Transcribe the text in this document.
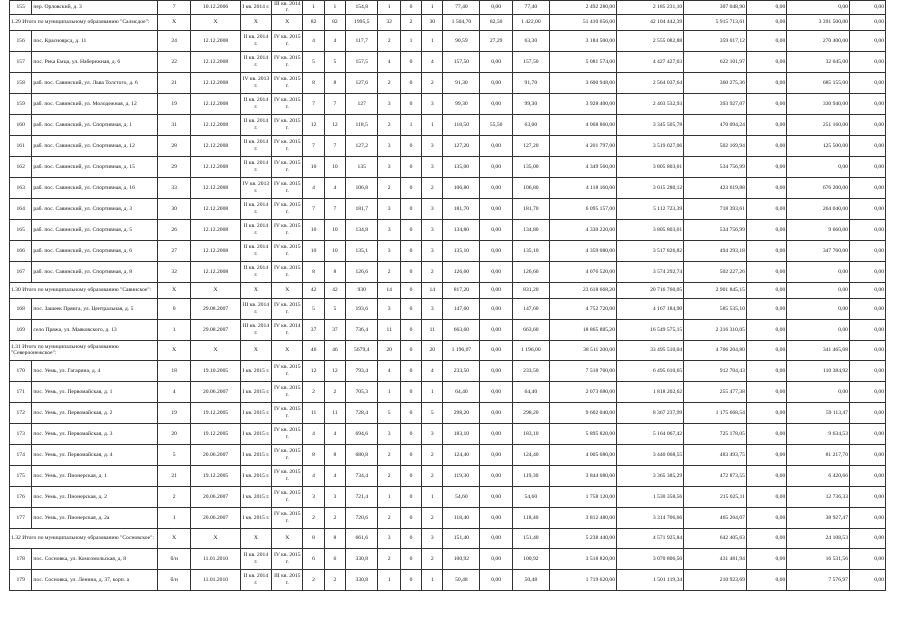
155	пер. Орловский, д. 3	7	10.12.2006	I кв. 2014 г.	III кв. 2014 г.	1	1	154,8	1	0	1	77,40	0,00	77,40	2 492 280,00	2 185 231,10	307 048,90	0,00	0,00	0,00
1.29 Итого по муниципальному образованию "Салмсдое":		X	X	X	X	82	82	1995,5	32	2	30	1 504,70	82,50	1 422,00	51 410 656,00	42 104 442,39	5 915 713,61	0,00	3 391 500,00	0,00
156	пос. Красноярсд, д. 11	24	12.12.2008	II кв. 2014 г.	IV кв. 2015 г.	4	4	117,7	2	1	1	90,59	27,29	63,30	3 184 500,00	2 555 082,88	359 017,12	0,00	270 400,00	0,00
157	пос. Река Емца, ул. Набережная, д. 6	22	12.12.2008	II кв. 2014 г.	IV кв. 2015 г.	5	5	157,5	4	0	4	157,50	0,00	157,50	5 081 574,00	4 427 427,03	622 101,97	0,00	32 045,00	0,00
158	раб. пос. Савинский, ул. Льва Толстого, д. 6	21	12.12.2008	IV кв. 2013 г.	IV кв. 2015 г.	8	8	127,6	2	0	2	91,30	0,00	91,70	3 600 948,00	2 564 037,64	360 275,36	0,00	685 155,00	0,00
159	раб. пос. Савинский, ул. Молодежная, д. 12	19	12.12.2008	II кв. 2014 г.	IV кв. 2015 г.	7	7	127	3	0	3	99,30	0,00	99,30	3 928 400,00	2 403 532,93	393 927,07	0,00	330 940,00	0,00
160	раб. пос. Савинский, ул. Спортивная, д. 1	31	12.12.2008	II кв. 2014 г.	IV кв. 2015 г.	12	12	118,5	2	1	1	118,50	55,50	63,00	4 068 860,00	3 345 505,78	470 094,24	0,00	251 160,00	0,00
161	раб. пос. Савинский, ул. Спортивная, д. 12	28	12.12.2008	II кв. 2014 г.	IV кв. 2015 г.	7	7	127,2	3	0	3	127,20	0,00	127,20	4 201 797,00	3 519 027,06	502 169,94	0,00	125 500,00	0,00
162	раб. пос. Савинский, ул. Спортивная, д. 15	29	12.12.2008	II кв. 2014 г.	IV кв. 2015 г.	10	10	135	3	0	3	135,00	0,00	135,00	4 349 560,00	3 805 803,01	534 756,99	0,00	0,00	0,00
163	раб. пос. Савинский, ул. Спортивная, д. 16	33	12.12.2008	IV кв. 2013 г.	IV кв. 2015 г.	4	4	106,8	2	0	2	106,80	0,00	106,80	4 118 160,00	3 015 280,12	423 619,88	0,00	676 200,00	0,00
164	раб. пос. Савинский, ул. Спортивная, д. 3	30	12.12.2008	II кв. 2014 г.	IV кв. 2015 г.	7	7	181,7	3	0	3	181,70	0,00	181,70	6 095 157,00	5 112 723,39	718 393,61	0,00	264 040,00	0,00
165	раб. пос. Савинский, ул. Спортивная, д. 5	26	12.12.2008	II кв. 2014 г.	IV кв. 2015 г.	10	10	134,8	3	0	3	134,80	0,00	134,80	4 330 220,00	3 805 803,01	534 756,99	0,00	9 660,00	0,00
166	раб. пос. Савинский, ул. Спортивная, д. 6	27	12.12.2008	II кв. 2014 г.	IV кв. 2015 г.	10	10	135,1	3	0	3	135,10	0,00	135,10	4 359 080,00	3 517 826,82	494 293,18	0,00	347 760,00	0,00
167	раб. пос. Савинский, ул. Спортивная, д. 8	32	12.12.2008	II кв. 2014 г.	IV кв. 2015 г.	8	8	126,6	2	0	2	126,60	0,00	126,60	4 076 520,00	3 574 292,74	502 227,26	0,00	0,00	0,00
1.30 Итого по муниципальному образованию "Савинское":		X	X	X	X	42	42	930	14	0	14	817,20	0,00	831,20	23 618 668,20	20 716 760,05	2 901 845,15	0,00	0,00	0,00
168	пос. Зашеек Прянга, ул. Центральная, д. 5	0	29.08.2007	III кв. 2014 г.	IV кв. 2015 г.	5	5	193,6	3	0	3	147,60	0,00	147,60	4 752 720,00	4 167 184,90	585 535,10	0,00	0,00	0,00
169	село Пряжа, ул. Маяковского, д. 13	1	29.08.2007	III кв. 2014 г.	IV кв. 2014 г.	37	37	736,4	11	0	11	663,60	0,00	663,60	18 865 885,20	16 549 575,15	2 316 310,05	0,00	0,00	0,00
1.31 Итого по муниципальному образованию "Североонежское":		X	X	X	X	46	46	5679,4	20	0	20	1 196,07	0,00	1 196,00	38 511 200,00	33 495 510,04	4 706 204,80	0,00	341 465,08	0,00
170	пос. Уемь, ул. Гагарина, д. 4	18	19.10.2005	I кв. 2015 г.	IV кв. 2015 г.	12	12	793,4	4	0	4	233,50	0,00	233,50	7 518 700,00	6 495 610,65	912 704,43	0,00	110 384,92	0,00
171	пос. Уемь, ул. Первомайская, д. 1	4	20.06.2007	I кв. 2015 г.	IV кв. 2015 г.	2	2	705,3	1	0	1	64,40	0,00	64,40	2 073 680,00	1 818 202,62	255 477,38	0,00	0,00	0,00
172	пос. Уемь, ул. Первомайская, д. 2	19	19.12.2005	I кв. 2015 г.	IV кв. 2015 г.	11	11	728,4	5	0	5	298,20	0,00	298,20	9 602 040,00	8 367 237,99	1 175 668,54	0,00	59 113,47	0,00
173	пос. Уемь, ул. Первомайская, д. 3	20	19.12.2005	I кв. 2015 г.	IV кв. 2015 г.	4	4	694,6	3	0	3	183,10	0,00	183,10	5 895 820,00	5 164 067,42	725 178,05	0,00	9 634,53	0,00
174	пос. Уемь, ул. Первомайская, д. 4	5	20.06.2007	I кв. 2015 г.	IV кв. 2015 г.	8	8	680,8	2	0	2	124,40	0,00	124,40	4 005 680,00	3 440 068,55	483 493,75	0,00	81 217,70	0,00
175	пос. Уемь, ул. Пионерская, д. 1	21	19.12.2005	I кв. 2015 г.	IV кв. 2015 г.	4	4	734,4	2	0	2	119,30	0,00	119,30	3 844 680,00	3 365 385,29	472 873,55	0,00	6 420,66	0,00
176	пос. Уемь, ул. Пионерская, д. 2	2	20.06.2007	I кв. 2015 г.	IV кв. 2015 г.	3	3	721,4	1	0	1	54,60	0,00	54,60	1 758 120,00	1 530 358,56	215 025,11	0,00	12 736,33	0,00
177	пос. Уемь, ул. Пионерская, д. 2а	1	20.06.2007	I кв. 2015 г.	IV кв. 2015 г.	2	2	720,6	2	0	2	118,40	0,00	118,40	3 812 480,00	3 314 706,66	465 264,07	0,00	38 927,47	0,00
1.32 Итого по муниципальному образованию "Сосновское":		X	X	X	X	8	8	661,6	3	0	3	151,40	0,00	151,40	5 238 440,00	4 571 925,84	642 405,63	0,00	24 108,53	0,00
178	пос. Сосновка, ул. Комсомольская, д. 8	б/н	11.01.2010	II кв. 2014 г.	IV кв. 2015 г.	6	6	330,8	2	0	2	100,92	0,00	100,92	3 518 820,00	3 070 806,50	431 481,94	0,00	16 531,56	0,00
179	пос. Сосновка, ул. Ленина, д. 37, корп. а	б/н	11.01.2010	II кв. 2014 г.	III кв. 2015 г.	2	2	330,8	1	0	1	50,48	0,00	50,48	1 719 620,00	1 501 119,34	210 923,69	0,00	7 576,97	0,00
